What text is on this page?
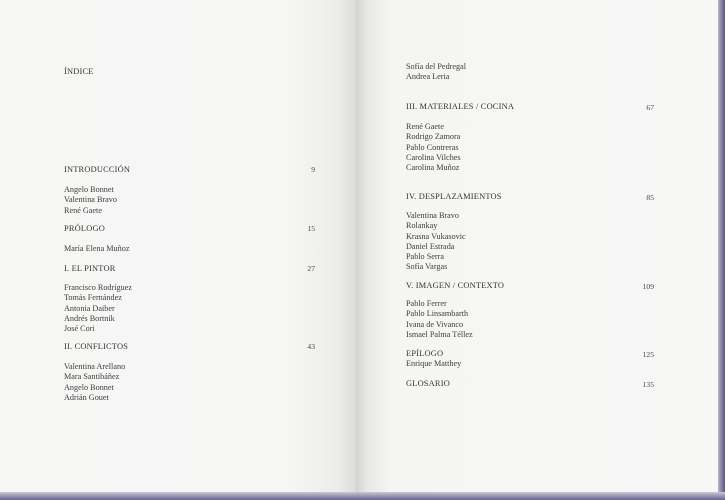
ÍNDICE
INTRODUCCIÓN	9
Angelo Bonnet
Valentina Bravo
René Gaete
PRÓLOGO	15
María Elena Muñoz
I. EL PINTOR	27
Francisco Rodríguez
Tomás Fernández
Antonia Daiber
Andrés Bortnik
José Cori
II. CONFLICTOS	43
Valentina Arellano
Mara Santibáñez
Angelo Bonnet
Adrián Gouet
Sofía del Pedregal
Andrea Leria
III. MATERIALES / COCINA	67
René Gaete
Rodrigo Zamora
Pablo Contreras
Carolina Vilches
Carolina Muñoz
IV. DESPLAZAMIENTOS	85
Valentina Bravo
Rolankay
Krasna Vukasovic
Daniel Estrada
Pablo Serra
Sofía Vargas
V. IMAGEN / CONTEXTO	109
Pablo Ferrer
Pablo Linsambarth
Ivana de Vivanco
Ismael Palma Téllez
EPÍLOGO	125
Enrique Matthey
GLOSARIO	135
